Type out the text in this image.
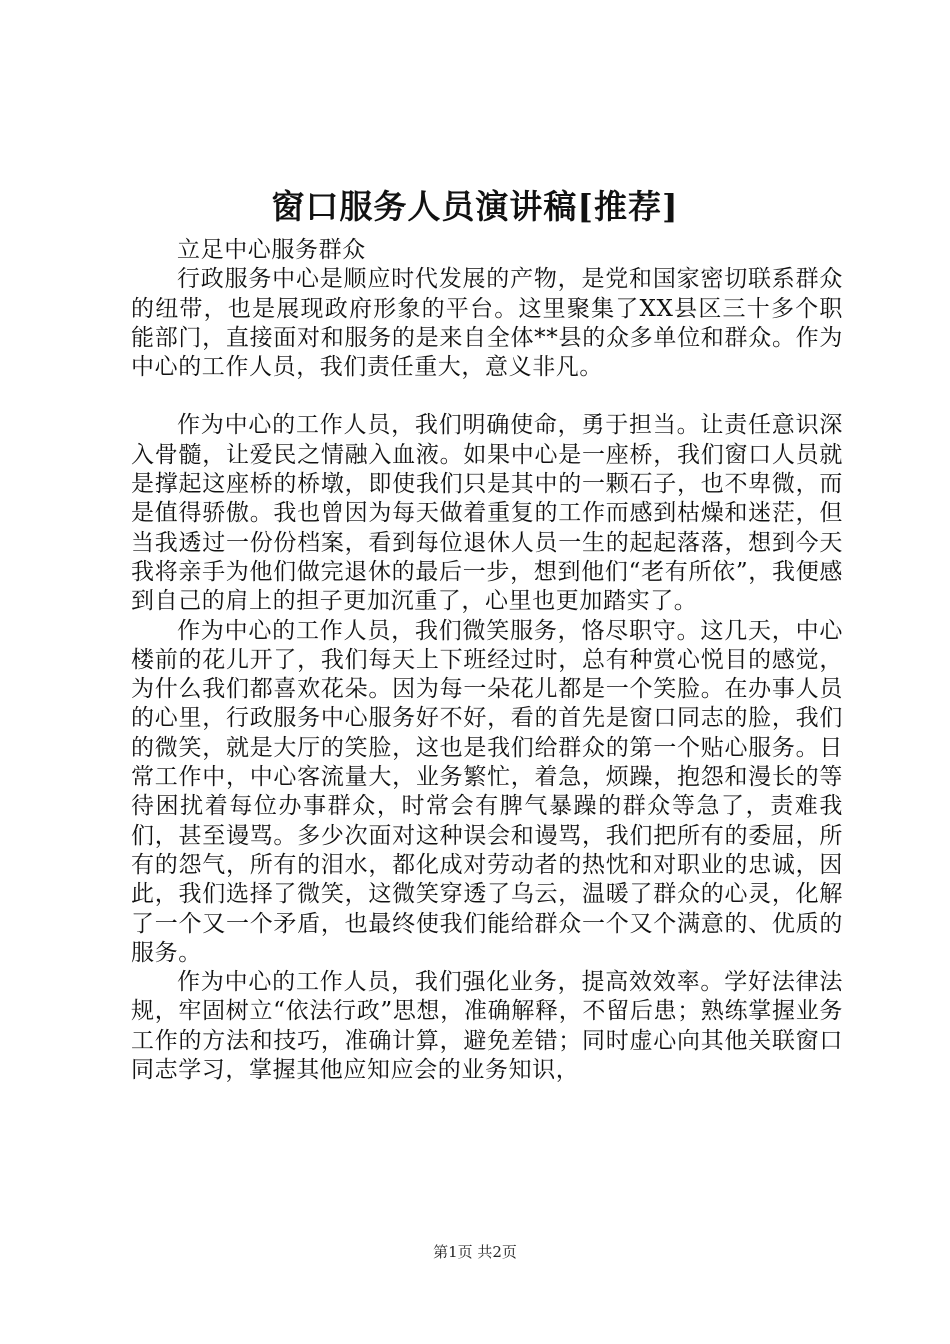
窗口服务人员演讲稿[推荐]

立足中心服务群众

行政服务中心是顺应时代发展的产物，是党和国家密切联系群众的纽带，也是展现政府形象的平台。这里聚集了XX县区三十多个职能部门，直接面对和服务的是来自全体**县的众多单位和群众。作为中心的工作人员，我们责任重大，意义非凡。

作为中心的工作人员，我们明确使命，勇于担当。让责任意识深入骨髓，让爱民之情融入血液。如果中心是一座桥，我们窗口人员就是撑起这座桥的桥墩，即使我们只是其中的一颗石子，也不卑微，而是值得骄傲。我也曾因为每天做着重复的工作而感到枯燥和迷茫，但当我透过一份份档案，看到每位退休人员一生的起起落落，想到今天我将亲手为他们做完退休的最后一步，想到他们“老有所依”，我便感到自己的肩上的担子更加沉重了，心里也更加踏实了。

作为中心的工作人员，我们微笑服务，恪尽职守。这几天，中心楼前的花儿开了，我们每天上下班经过时，总有种赏心悦目的感觉，为什么我们都喜欢花朵。因为每一朵花儿都是一个笑脸。在办事人员的心里，行政服务中心服务好不好，看的首先是窗口同志的脸，我们的微笑，就是大厅的笑脸，这也是我们给群众的第一个贴心服务。日常工作中，中心客流量大，业务繁忙，着急，烦躁，抱怨和漫长的等待困扰着每位办事群众，时常会有脾气暴躁的群众等急了，责难我们，甚至谩骂。多少次面对这种误会和谩骂，我们把所有的委屈，所有的怨气，所有的泪水，都化成对劳动者的热忱和对职业的忠诚，因此，我们选择了微笑，这微笑穿透了乌云，温暖了群众的心灵，化解了一个又一个矛盾，也最终使我们能给群众一个又个满意的、优质的服务。

作为中心的工作人员，我们强化业务，提高效效率。学好法律法规，牢固树立“依法行政”思想，准确解释，不留后患；熟练掌握业务工作的方法和技巧，准确计算，避免差错；同时虚心向其他关联窗口同志学习，掌握其他应知应会的业务知识，

第1页 共2页
